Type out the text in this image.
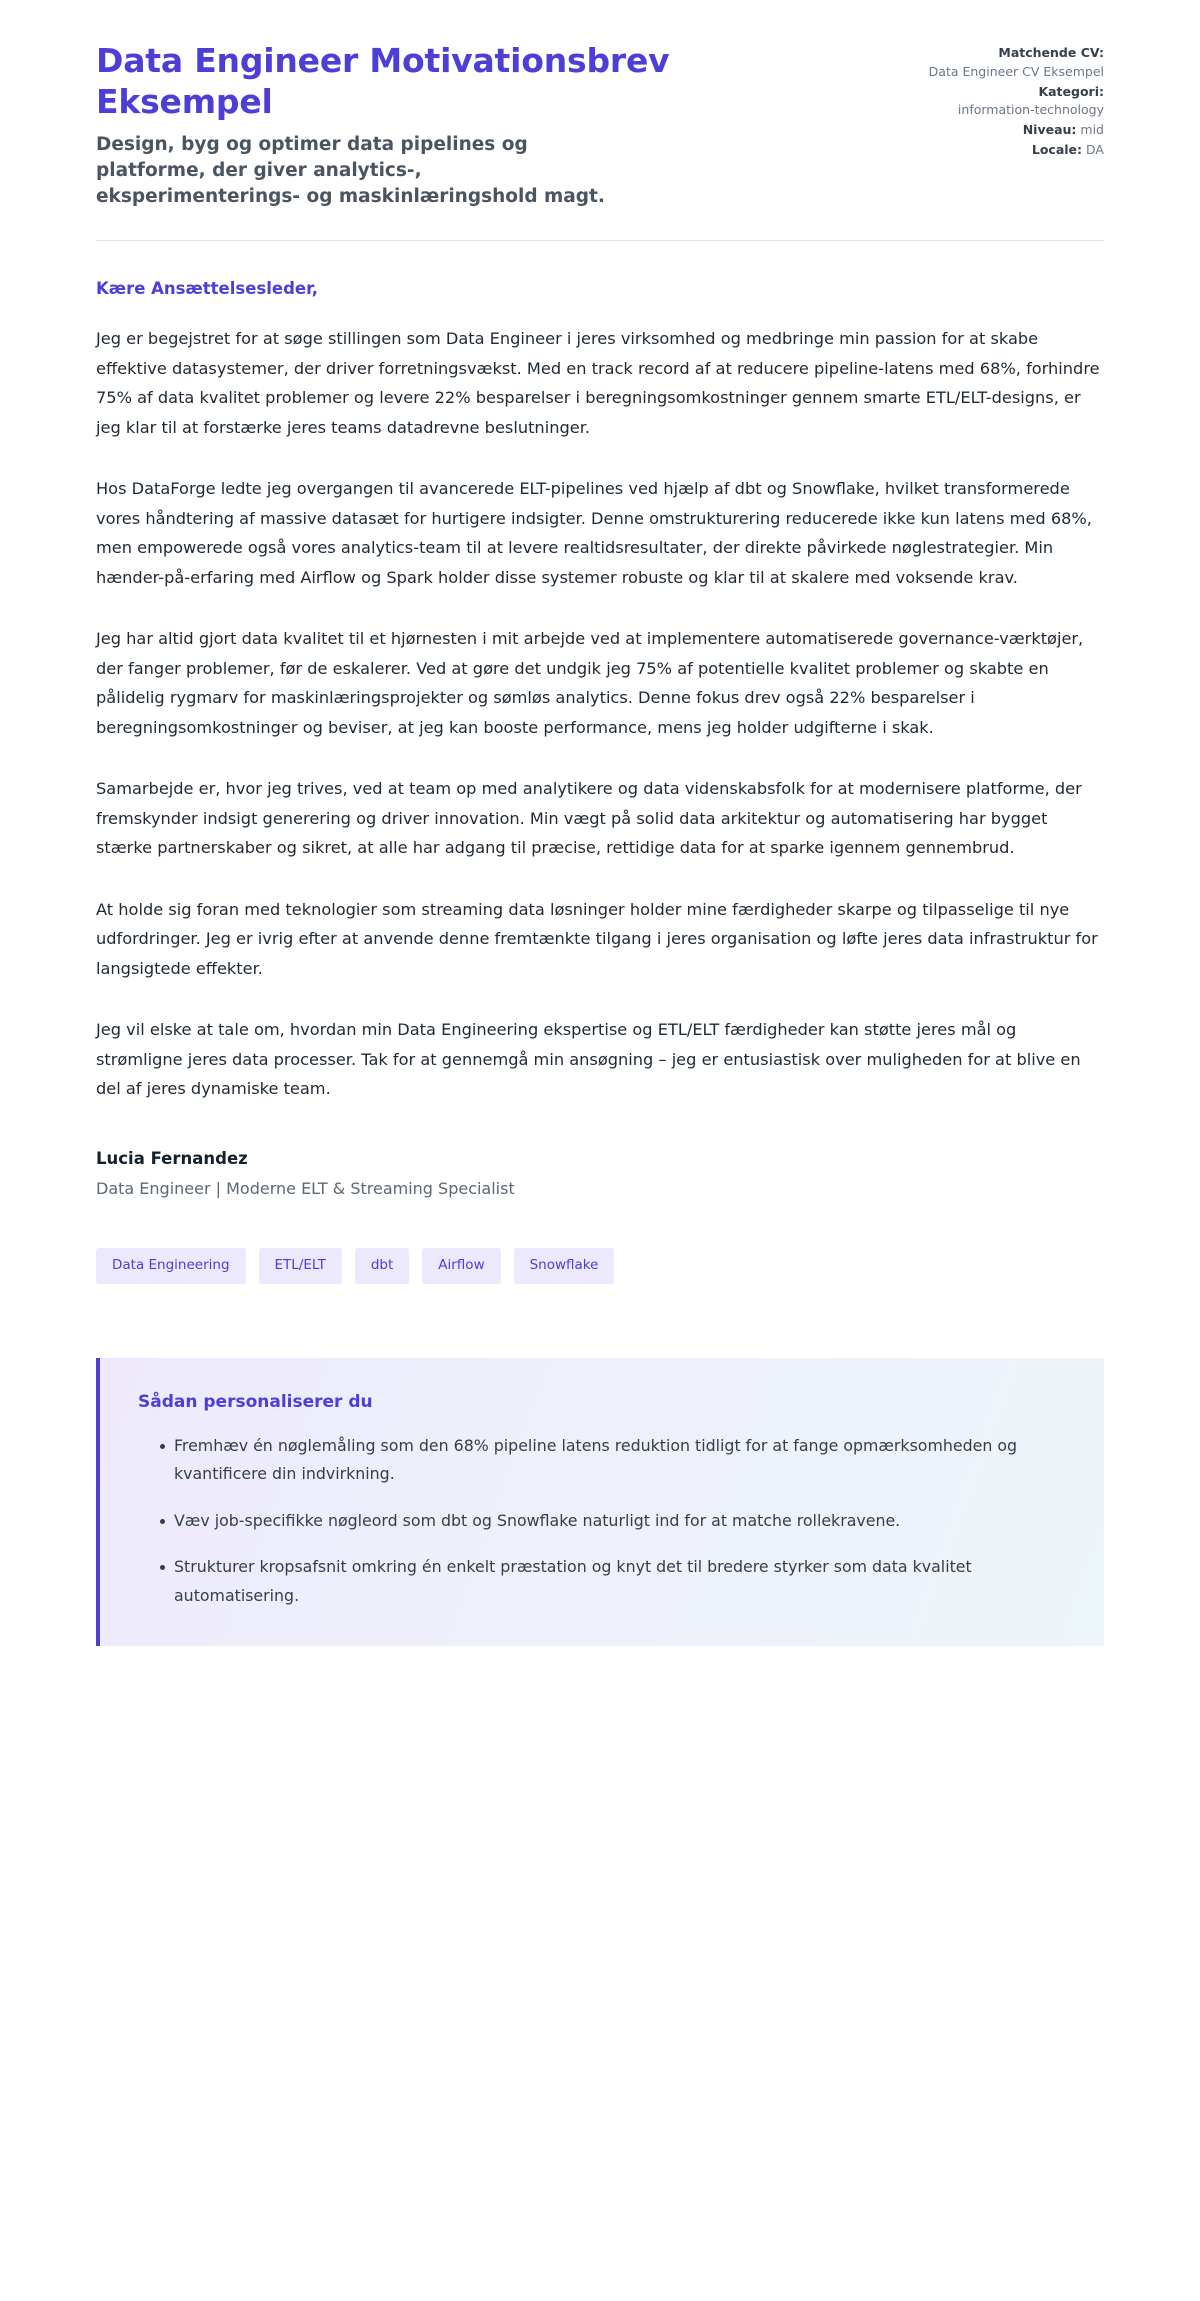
Data Engineer Motivationsbrev Eksempel

Design, byg og optimer data pipelines og platforme, der giver analytics-, eksperimenterings- og maskinlæringshold magt.

Matchende CV:
Data Engineer CV Eksempel
Kategori:
information-technology
Niveau: mid
Locale: DA

Kære Ansættelsesleder,

Jeg er begejstret for at søge stillingen som Data Engineer i jeres virksomhed og medbringe min passion for at skabe effektive datasystemer, der driver forretningsvækst. Med en track record af at reducere pipeline-latens med 68%, forhindre 75% af data kvalitet problemer og levere 22% besparelser i beregningsomkostninger gennem smarte ETL/ELT-designs, er jeg klar til at forstærke jeres teams datadrevne beslutninger.

Hos DataForge ledte jeg overgangen til avancerede ELT-pipelines ved hjælp af dbt og Snowflake, hvilket transformerede vores håndtering af massive datasæt for hurtigere indsigter. Denne omstrukturering reducerede ikke kun latens med 68%, men empowerede også vores analytics-team til at levere realtidsresultater, der direkte påvirkede nøglestrategier. Min hænder-på-erfaring med Airflow og Spark holder disse systemer robuste og klar til at skalere med voksende krav.

Jeg har altid gjort data kvalitet til et hjørnesten i mit arbejde ved at implementere automatiserede governance-værktøjer, der fanger problemer, før de eskalerer. Ved at gøre det undgik jeg 75% af potentielle kvalitet problemer og skabte en pålidelig rygmarv for maskinlæringsprojekter og sømløs analytics. Denne fokus drev også 22% besparelser i beregningsomkostninger og beviser, at jeg kan booste performance, mens jeg holder udgifterne i skak.

Samarbejde er, hvor jeg trives, ved at team op med analytikere og data videnskabsfolk for at modernisere platforme, der fremskynder indsigt generering og driver innovation. Min vægt på solid data arkitektur og automatisering har bygget stærke partnerskaber og sikret, at alle har adgang til præcise, rettidige data for at sparke igennem gennembrud.

At holde sig foran med teknologier som streaming data løsninger holder mine færdigheder skarpe og tilpasselige til nye udfordringer. Jeg er ivrig efter at anvende denne fremtænkte tilgang i jeres organisation og løfte jeres data infrastruktur for langsigtede effekter.

Jeg vil elske at tale om, hvordan min Data Engineering ekspertise og ETL/ELT færdigheder kan støtte jeres mål og strømligne jeres data processer. Tak for at gennemgå min ansøgning – jeg er entusiastisk over muligheden for at blive en del af jeres dynamiske team.

Lucia Fernandez

Data Engineer | Moderne ELT & Streaming Specialist

Data Engineering	ETL/ELT	dbt	Airflow	Snowflake
Sådan personaliserer du
Fremhæv én nøglemåling som den 68% pipeline latens reduktion tidligt for at fange opmærksomheden og kvantificere din indvirkning.
Væv job-specifikke nøgleord som dbt og Snowflake naturligt ind for at matche rollekravene.
Strukturer kropsafsnit omkring én enkelt præstation og knyt det til bredere styrker som data kvalitet automatisering.
